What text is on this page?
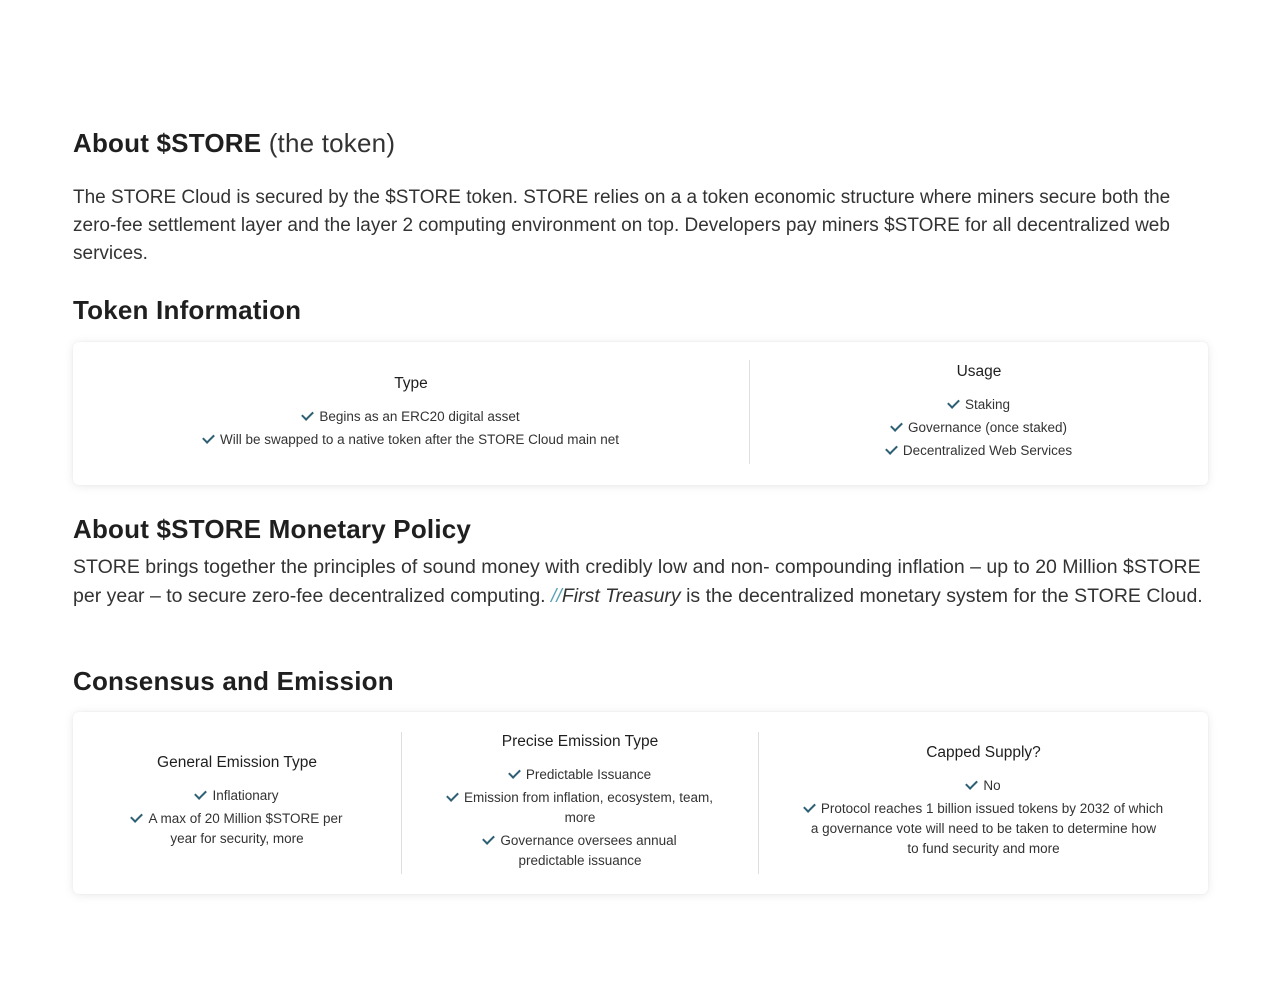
About $STORE (the token)

The STORE Cloud is secured by the $STORE token. STORE relies on a a token economic structure where miners secure both the zero-fee settlement layer and the layer 2 computing environment on top. Developers pay miners $STORE for all decentralized web services.

Token Information
Type
Begins as an ERC20 digital asset
Will be swapped to a native token after the STORE Cloud main net
Usage
Staking
Governance (once staked)
Decentralized Web Services
About $STORE Monetary Policy

STORE brings together the principles of sound money with credibly low and non- compounding inflation – up to 20 Million $STORE per year – to secure zero-fee decentralized computing. //First Treasury is the decentralized monetary system for the STORE Cloud.

Consensus and Emission
General Emission Type
Inflationary
A max of 20 Million $STORE per year for security, more
Precise Emission Type
Predictable Issuance
Emission from inflation, ecosystem, team, more
Governance oversees annual predictable issuance
Capped Supply?
No
Protocol reaches 1 billion issued tokens by 2032 of which a governance vote will need to be taken to determine how to fund security and more
